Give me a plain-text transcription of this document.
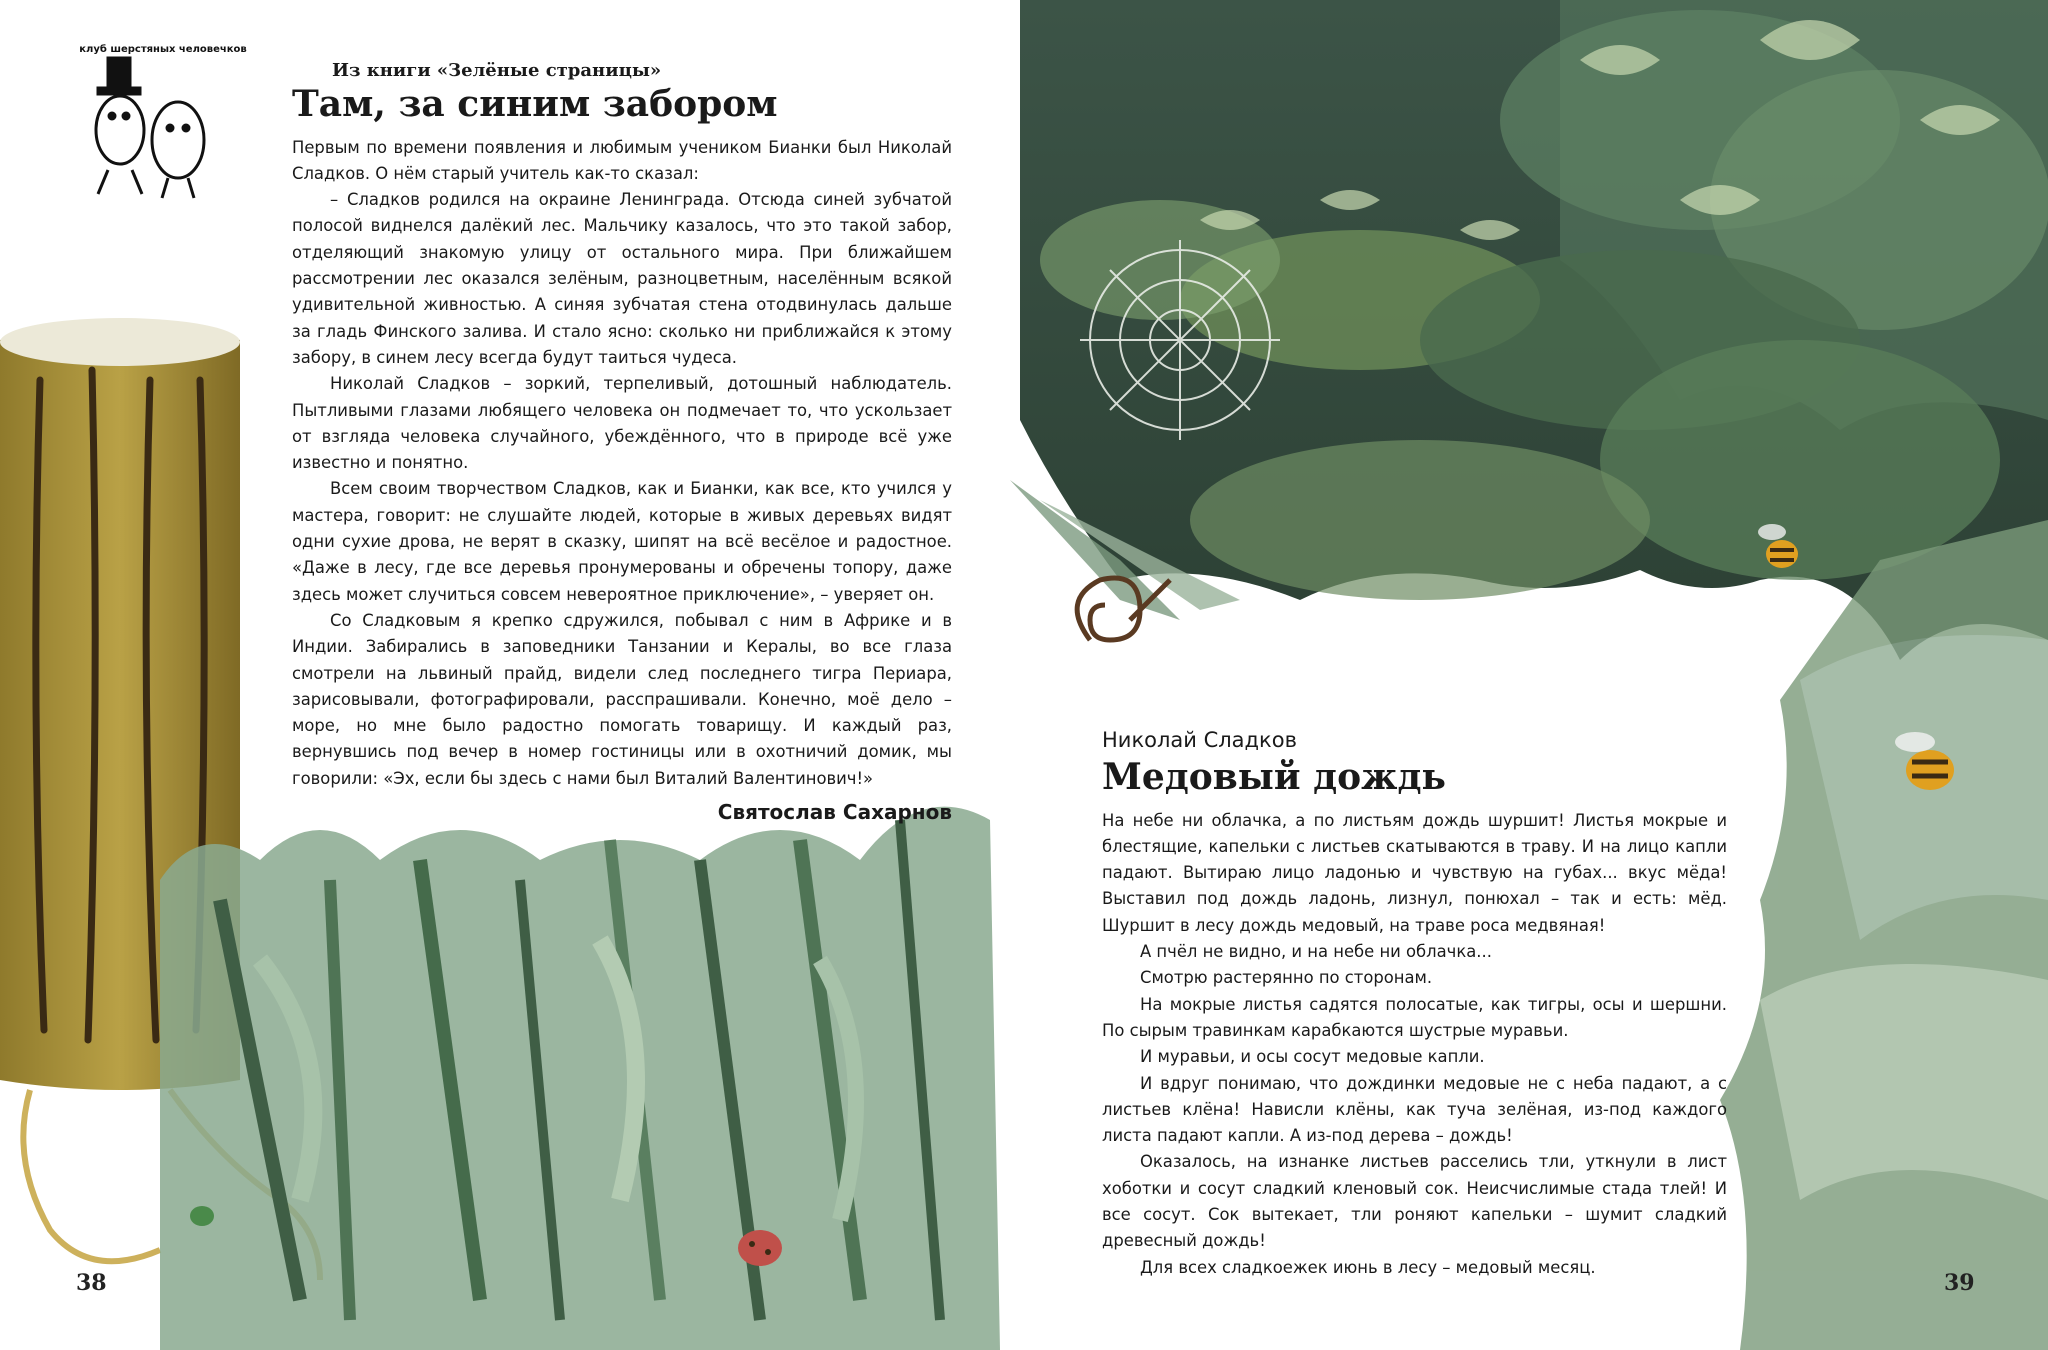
клуб шерстяных человечков
Из книги «Зелёные страницы»
Там, за синим забором

Первым по времени появления и любимым учеником Бианки был Николай Сладков. О нём старый учитель как-то сказал:

– Сладков родился на окраине Ленинграда. Отсюда синей зубчатой полосой виднелся далёкий лес. Мальчику казалось, что это такой забор, отделяющий знакомую улицу от остального мира. При ближайшем рассмотрении лес оказался зелёным, разноцветным, населённым всякой удивительной живностью. А синяя зубчатая стена отодвинулась дальше за гладь Финского залива. И стало ясно: сколько ни приближайся к этому забору, в синем лесу всегда будут таиться чудеса.

Николай Сладков – зоркий, терпеливый, дотошный наблюдатель. Пытливыми глазами любящего человека он подмечает то, что ускользает от взгляда человека случайного, убеждённого, что в природе всё уже известно и понятно.

Всем своим творчеством Сладков, как и Бианки, как все, кто учился у мастера, говорит: не слушайте людей, которые в живых деревьях видят одни сухие дрова, не верят в сказку, шипят на всё весёлое и радостное. «Даже в лесу, где все деревья пронумерованы и обречены топору, даже здесь может случиться совсем невероятное приключение», – уверяет он.

Со Сладковым я крепко сдружился, побывал с ним в Африке и в Индии. Забирались в заповедники Танзании и Кералы, во все глаза смотрели на львиный прайд, видели след последнего тигра Периара, зарисовывали, фотографировали, расспрашивали. Конечно, моё дело – море, но мне было радостно помогать товарищу. И каждый раз, вернувшись под вечер в номер гостиницы или в охотничий домик, мы говорили: «Эх, если бы здесь с нами был Виталий Валентинович!»

Святослав Сахарнов
Николай Сладков
Медовый дождь

На небе ни облачка, а по листьям дождь шуршит! Листья мокрые и блестящие, капельки с листьев скатываются в траву. И на лицо капли падают. Вытираю лицо ладонью и чувствую на губах... вкус мёда! Выставил под дождь ладонь, лизнул, понюхал – так и есть: мёд. Шуршит в лесу дождь медовый, на траве роса медвяная!

А пчёл не видно, и на небе ни облачка...

Смотрю растерянно по сторонам.

На мокрые листья садятся полосатые, как тигры, осы и шершни. По сырым травинкам карабкаются шустрые муравьи.

И муравьи, и осы сосут медовые капли.

И вдруг понимаю, что дождинки медовые не с неба падают, а с листьев клёна! Нависли клёны, как туча зелёная, из-под каждого листа падают капли. А из-под дерева – дождь!

Оказалось, на изнанке листьев расселись тли, уткнули в лист хоботки и сосут сладкий кленовый сок. Неисчислимые стада тлей! И все сосут. Сок вытекает, тли роняют капельки – шумит сладкий древесный дождь!

Для всех сладкоежек июнь в лесу – медовый месяц.

38	39
